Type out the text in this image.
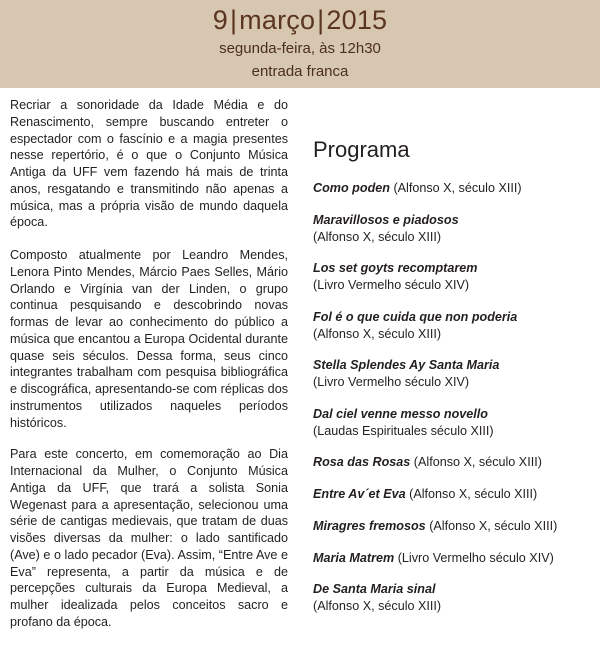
9|março|2015
segunda-feira, às 12h30
entrada franca

Recriar a sonoridade da Idade Média e do Renascimento, sempre buscando entreter o espectador com o fascínio e a magia presentes nesse repertório, é o que o Conjunto Música Antiga da UFF vem fazendo há mais de trinta anos, resgatando e transmitindo não apenas a música, mas a própria visão de mundo daquela época.

Composto atualmente por Leandro Mendes, Lenora Pinto Mendes, Márcio Paes Selles, Mário Orlando e Virgínia van der Linden, o grupo continua pesquisando e descobrindo novas formas de levar ao conhecimento do público a música que encantou a Europa Ocidental durante quase seis séculos. Dessa forma, seus cinco integrantes trabalham com pesquisa bibliográfica e discográfica, apresentando-se com réplicas dos instrumentos utilizados naqueles períodos históricos.

Para este concerto, em comemoração ao Dia Internacional da Mulher, o Conjunto Música Antiga da UFF, que trará a solista Sonia Wegenast para a apresentação, selecionou uma série de cantigas medievais, que tratam de duas visões diversas da mulher: o lado santificado (Ave) e o lado pecador (Eva). Assim, “Entre Ave e Eva” representa, a partir da música e de percepções culturais da Europa Medieval, a mulher idealizada pelos conceitos sacro e profano da época.

Programa
Como poden (Alfonso X, século XIII)
Maravillosos e piadosos
(Alfonso X, século XIII)
Los set goyts recomptarem
(Livro Vermelho século XIV)
Fol é o que cuida que non poderia
(Alfonso X, século XIII)
Stella Splendes Ay Santa Maria
(Livro Vermelho século XIV)
Dal ciel venne messo novello
(Laudas Espirituales século XIII)
Rosa das Rosas (Alfonso X, século XIII)
Entre Av´et Eva (Alfonso X, século XIII)
Miragres fremosos (Alfonso X, século XIII)
Maria Matrem (Livro Vermelho século XIV)
De Santa Maria sinal
(Alfonso X, século XIII)
